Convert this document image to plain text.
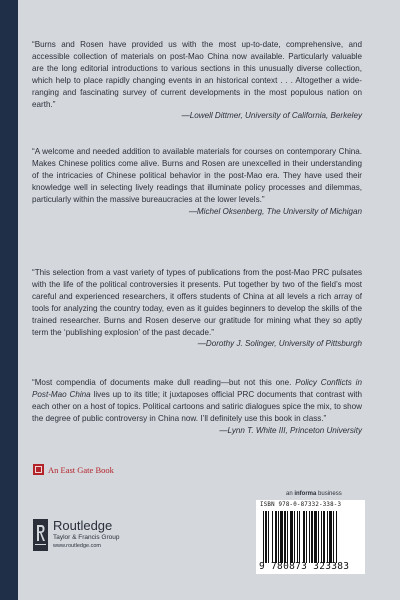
“Burns and Rosen have provided us with the most up-to-date, comprehensive, and accessible collection of materials on post-Mao China now available. Particularly valuable are the long editorial introductions to various sections in this unusually diverse collection, which help to place rapidly changing events in an historical context . . . Altogether a wide-ranging and fascinating survey of current developments in the most populous nation on earth.”

—Lowell Dittmer, University of California, Berkeley

“A welcome and needed addition to available materials for courses on contemporary China. Makes Chinese politics come alive. Burns and Rosen are unexcelled in their understanding of the intricacies of Chinese political behavior in the post-Mao era. They have used their knowledge well in selecting lively readings that illuminate policy processes and dilemmas, particularly within the massive bureaucracies at the lower levels.”

—Michel Oksenberg, The University of Michigan

“This selection from a vast variety of types of publications from the post-Mao PRC pulsates with the life of the political controversies it presents. Put together by two of the field’s most careful and experienced researchers, it offers students of China at all levels a rich array of tools for analyzing the country today, even as it guides beginners to develop the skills of the trained researcher. Burns and Rosen deserve our gratitude for mining what they so aptly term the ‘publishing explosion’ of the past decade.”

—Dorothy J. Solinger, University of Pittsburgh

“Most compendia of documents make dull reading—but not this one. Policy Conflicts in Post-Mao China lives up to its title; it juxtaposes official PRC documents that contrast with each other on a host of topics. Political cartoons and satiric dialogues spice the mix, to show the degree of public controversy in China now. I’ll definitely use this book in class.”

—Lynn T. White III, Princeton University

An East Gate Book
an informa business
Routledge
Taylor & Francis Group
www.routledge.com
ISBN 978-0-87332-338-3
9 780873 323383
